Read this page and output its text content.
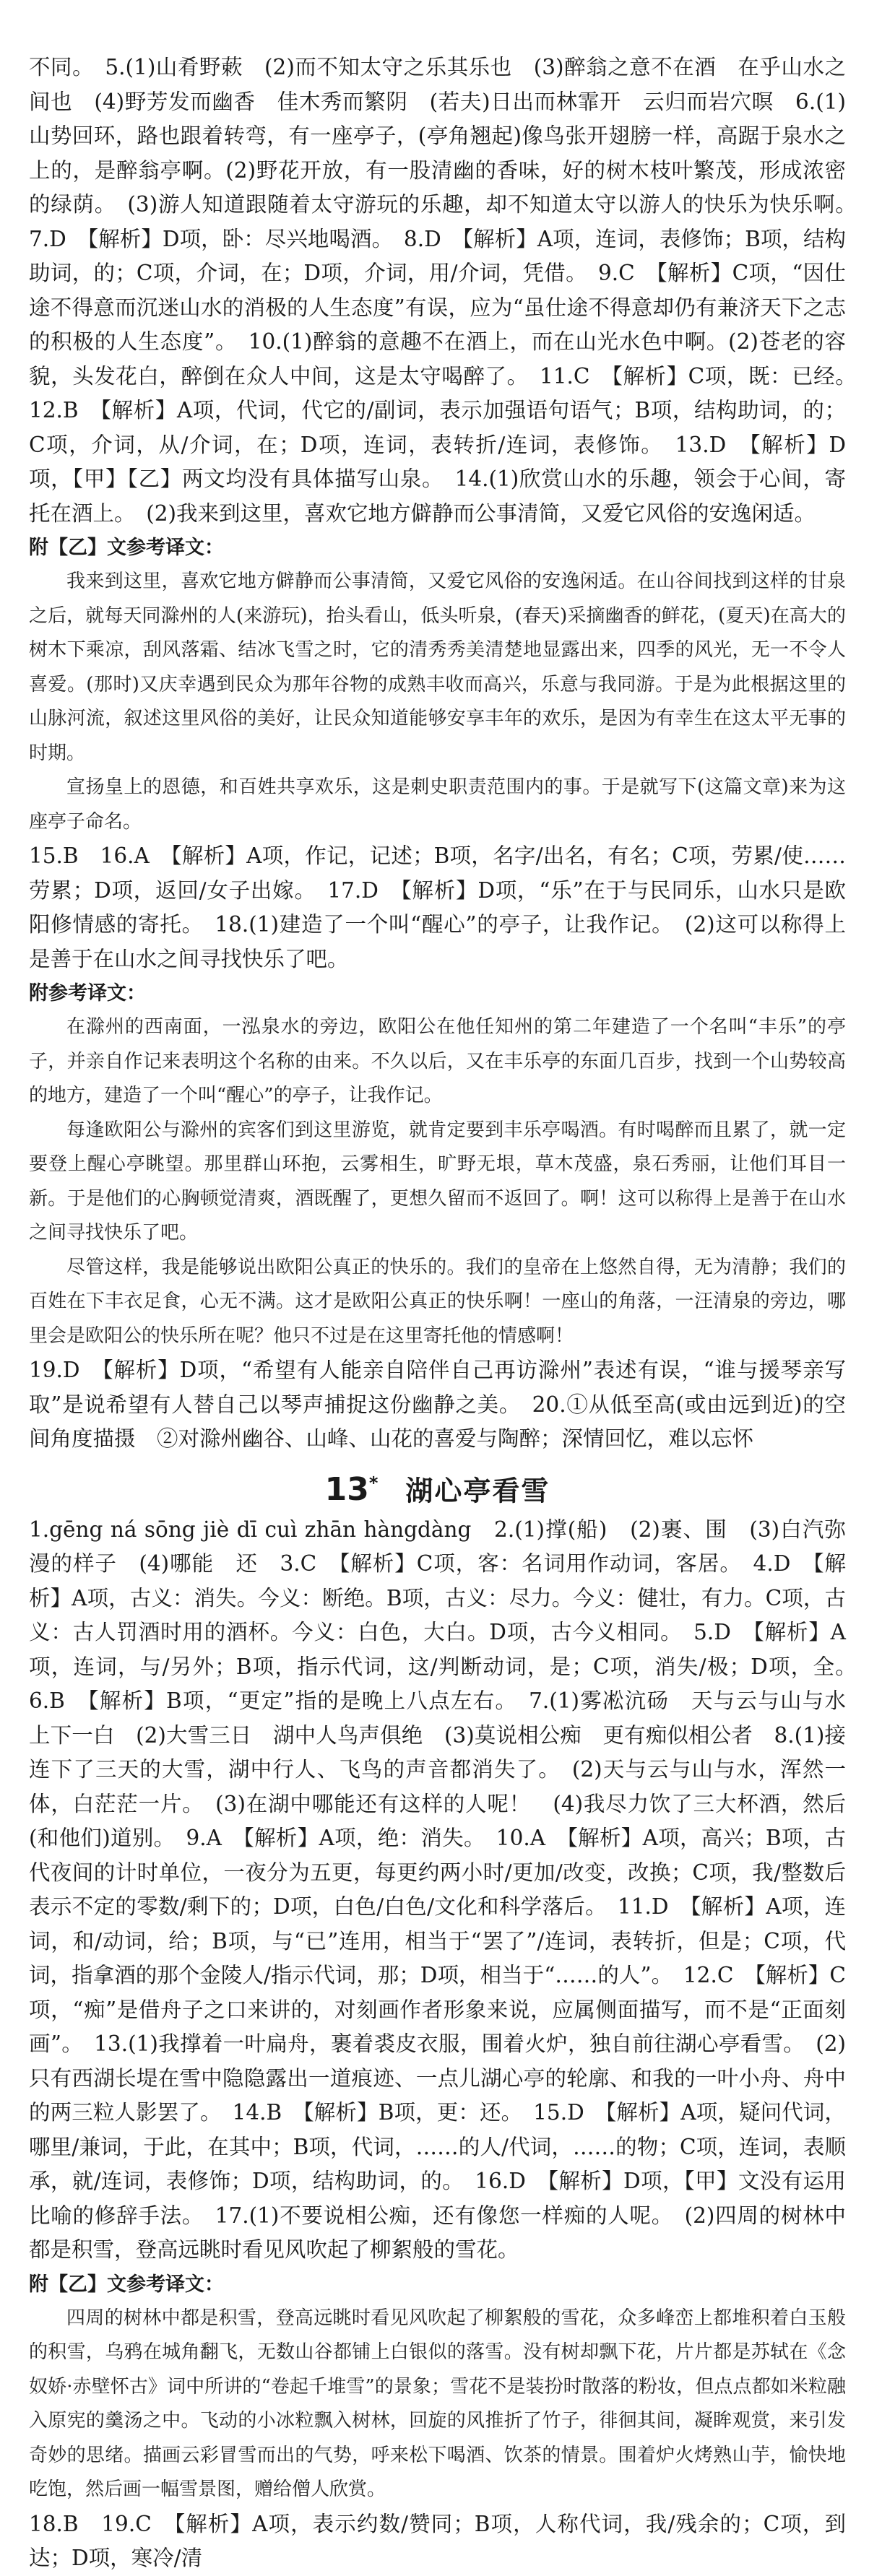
不同。　5.(1)山肴野蔌　(2)而不知太守之乐其乐也　(3)醉翁之意不在酒　在乎山水之间也　(4)野芳发而幽香　佳木秀而繁阴　(若夫)日出而林霏开　云归而岩穴暝　6.(1)山势回环，路也跟着转弯，有一座亭子，(亭角翘起)像鸟张开翅膀一样，高踞于泉水之上的，是醉翁亭啊。(2)野花开放，有一股清幽的香味，好的树木枝叶繁茂，形成浓密的绿荫。　(3)游人知道跟随着太守游玩的乐趣，却不知道太守以游人的快乐为快乐啊。　7.D　【解析】D项，卧：尽兴地喝酒。　8.D　【解析】A项，连词，表修饰；B项，结构助词，的；C项，介词，在；D项，介词，用/介词，凭借。　9.C　【解析】C项，“因仕途不得意而沉迷山水的消极的人生态度”有误，应为“虽仕途不得意却仍有兼济天下之志的积极的人生态度”。　10.(1)醉翁的意趣不在酒上，而在山光水色中啊。(2)苍老的容貌，头发花白，醉倒在众人中间，这是太守喝醉了。　11.C　【解析】C项，既：已经。　12.B　【解析】A项，代词，代它的/副词，表示加强语句语气；B项，结构助词，的；C项，介词，从/介词，在；D项，连词，表转折/连词，表修饰。　13.D　【解析】D项，【甲】【乙】两文均没有具体描写山泉。　14.(1)欣赏山水的乐趣，领会于心间，寄托在酒上。　(2)我来到这里，喜欢它地方僻静而公事清简，又爱它风俗的安逸闲适。

附【乙】文参考译文：

我来到这里，喜欢它地方僻静而公事清简，又爱它风俗的安逸闲适。在山谷间找到这样的甘泉之后，就每天同滁州的人(来游玩)，抬头看山，低头听泉，(春天)采摘幽香的鲜花，(夏天)在高大的树木下乘凉，刮风落霜、结冰飞雪之时，它的清秀秀美清楚地显露出来，四季的风光，无一不令人喜爱。(那时)又庆幸遇到民众为那年谷物的成熟丰收而高兴，乐意与我同游。于是为此根据这里的山脉河流，叙述这里风俗的美好，让民众知道能够安享丰年的欢乐，是因为有幸生在这太平无事的时期。

宣扬皇上的恩德，和百姓共享欢乐，这是刺史职责范围内的事。于是就写下(这篇文章)来为这座亭子命名。

15.B　16.A　【解析】A项，作记，记述；B项，名字/出名，有名；C项，劳累/使……劳累；D项，返回/女子出嫁。　17.D　【解析】D项，“乐”在于与民同乐，山水只是欧阳修情感的寄托。　18.(1)建造了一个叫“醒心”的亭子，让我作记。　(2)这可以称得上是善于在山水之间寻找快乐了吧。

附参考译文：

在滁州的西南面，一泓泉水的旁边，欧阳公在他任知州的第二年建造了一个名叫“丰乐”的亭子，并亲自作记来表明这个名称的由来。不久以后，又在丰乐亭的东面几百步，找到一个山势较高的地方，建造了一个叫“醒心”的亭子，让我作记。

每逢欧阳公与滁州的宾客们到这里游览，就肯定要到丰乐亭喝酒。有时喝醉而且累了，就一定要登上醒心亭眺望。那里群山环抱，云雾相生，旷野无垠，草木茂盛，泉石秀丽，让他们耳目一新。于是他们的心胸顿觉清爽，酒既醒了，更想久留而不返回了。啊！这可以称得上是善于在山水之间寻找快乐了吧。

尽管这样，我是能够说出欧阳公真正的快乐的。我们的皇帝在上悠然自得，无为清静；我们的百姓在下丰衣足食，心无不满。这才是欧阳公真正的快乐啊！一座山的角落，一汪清泉的旁边，哪里会是欧阳公的快乐所在呢？他只不过是在这里寄托他的情感啊！

19.D　【解析】D项，“希望有人能亲自陪伴自己再访滁州”表述有误，“谁与援琴亲写取”是说希望有人替自己以琴声捕捉这份幽静之美。　20.①从低至高(或由远到近)的空间角度描摄　②对滁州幽谷、山峰、山花的喜爱与陶醉；深情回忆，难以忘怀

13* 湖心亭看雪

1.gēng ná sōng jiè dī cuì zhān hàngdàng　2.(1)撑(船)　(2)裹、围　(3)白汽弥漫的样子　(4)哪能　还　3.C　【解析】C项，客：名词用作动词，客居。　4.D　【解析】A项，古义：消失。今义：断绝。B项，古义：尽力。今义：健壮，有力。C项，古义：古人罚酒时用的酒杯。今义：白色，大白。D项，古今义相同。　5.D　【解析】A项，连词，与/另外；B项，指示代词，这/判断动词，是；C项，消失/极；D项，全。　6.B　【解析】B项，“更定”指的是晚上八点左右。　7.(1)雾凇沆砀　天与云与山与水　上下一白　(2)大雪三日　湖中人鸟声俱绝　(3)莫说相公痴　更有痴似相公者　8.(1)接连下了三天的大雪，湖中行人、飞鸟的声音都消失了。　(2)天与云与山与水，浑然一体，白茫茫一片。　(3)在湖中哪能还有这样的人呢！　(4)我尽力饮了三大杯酒，然后(和他们)道别。　9.A　【解析】A项，绝：消失。　10.A　【解析】A项，高兴；B项，古代夜间的计时单位，一夜分为五更，每更约两小时/更加/改变，改换；C项，我/整数后表示不定的零数/剩下的；D项，白色/白色/文化和科学落后。　11.D　【解析】A项，连词，和/动词，给；B项，与“已”连用，相当于“罢了”/连词，表转折，但是；C项，代词，指拿酒的那个金陵人/指示代词，那；D项，相当于“……的人”。　12.C　【解析】C项，“痴”是借舟子之口来讲的，对刻画作者形象来说，应属侧面描写，而不是“正面刻画”。　13.(1)我撑着一叶扁舟，裹着裘皮衣服，围着火炉，独自前往湖心亭看雪。　(2)只有西湖长堤在雪中隐隐露出一道痕迹、一点儿湖心亭的轮廓、和我的一叶小舟、舟中的两三粒人影罢了。　14.B　【解析】B项，更：还。　15.D　【解析】A项，疑问代词，哪里/兼词，于此，在其中；B项，代词，……的人/代词，……的物；C项，连词，表顺承，就/连词，表修饰；D项，结构助词，的。　16.D　【解析】D项，【甲】文没有运用比喻的修辞手法。　17.(1)不要说相公痴，还有像您一样痴的人呢。　(2)四周的树林中都是积雪，登高远眺时看见风吹起了柳絮般的雪花。

附【乙】文参考译文：

四周的树林中都是积雪，登高远眺时看见风吹起了柳絮般的雪花，众多峰峦上都堆积着白玉般的积雪，乌鸦在城角翻飞，无数山谷都铺上白银似的落雪。没有树却飘下花，片片都是苏轼在《念奴娇·赤壁怀古》词中所讲的“卷起千堆雪”的景象；雪花不是装扮时散落的粉妆，但点点都如米粒融入原宪的羹汤之中。飞动的小冰粒飘入树林，回旋的风推折了竹子，徘徊其间，凝眸观赏，来引发奇妙的思绪。描画云彩冒雪而出的气势，呼来松下喝酒、饮茶的情景。围着炉火烤熟山芋，愉快地吃饱，然后画一幅雪景图，赠给僧人欣赏。

18.B　19.C　【解析】A项，表示约数/赞同；B项，人称代词，我/残余的；C项，到达；D项，寒冷/清
